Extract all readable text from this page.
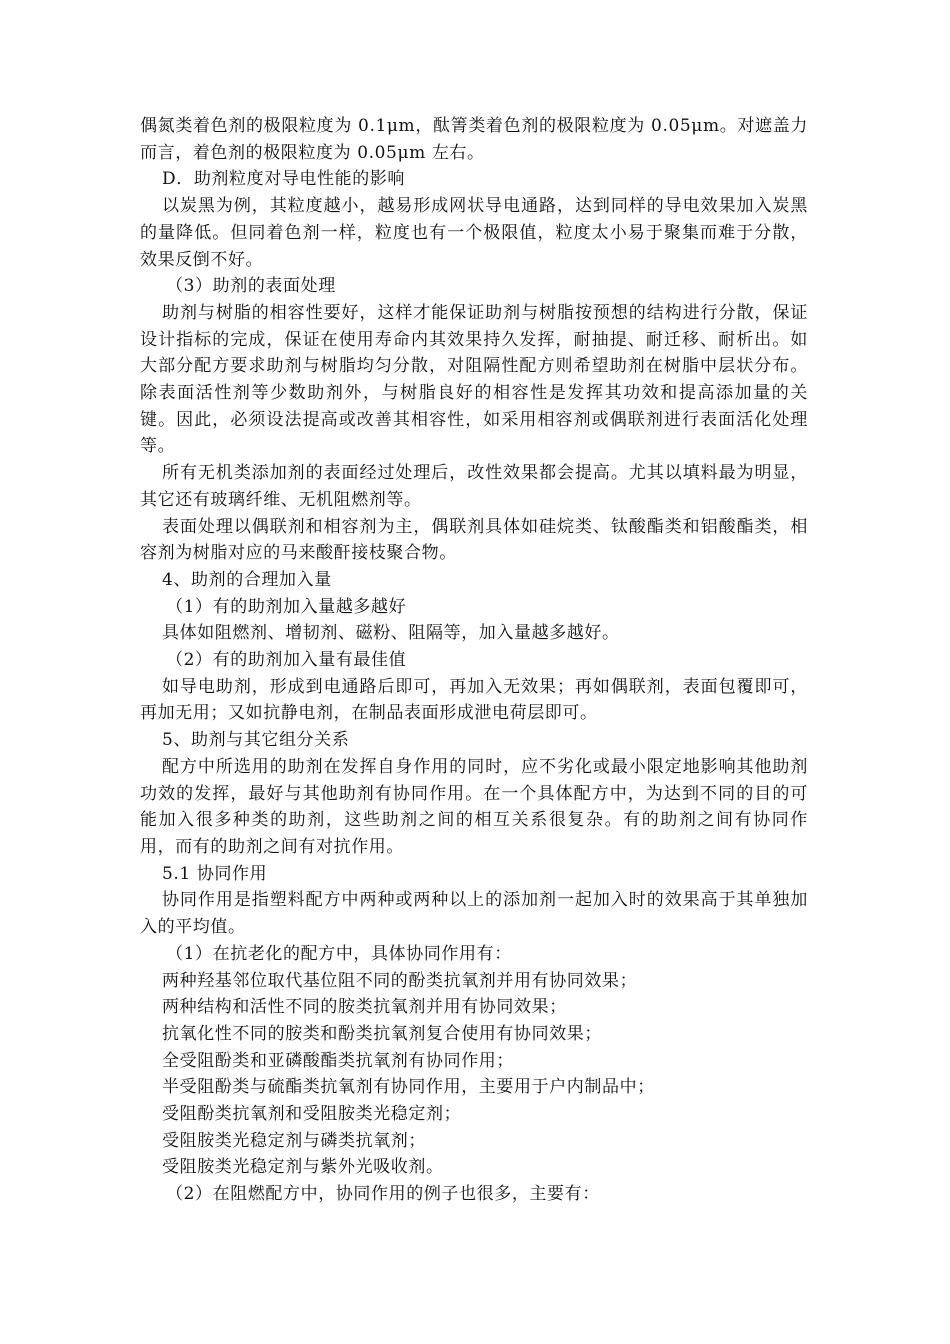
偶氮类着色剂的极限粒度为 0.1μm，酞箐类着色剂的极限粒度为 0.05μm。对遮盖力而言，着色剂的极限粒度为 0.05μm 左右。

D．助剂粒度对导电性能的影响

以炭黑为例，其粒度越小，越易形成网状导电通路，达到同样的导电效果加入炭黑的量降低。但同着色剂一样，粒度也有一个极限值，粒度太小易于聚集而难于分散，效果反倒不好。

（3）助剂的表面处理

助剂与树脂的相容性要好，这样才能保证助剂与树脂按预想的结构进行分散，保证设计指标的完成，保证在使用寿命内其效果持久发挥，耐抽提、耐迁移、耐析出。如大部分配方要求助剂与树脂均匀分散，对阻隔性配方则希望助剂在树脂中层状分布。除表面活性剂等少数助剂外，与树脂良好的相容性是发挥其功效和提高添加量的关键。因此，必须设法提高或改善其相容性，如采用相容剂或偶联剂进行表面活化处理等。

所有无机类添加剂的表面经过处理后，改性效果都会提高。尤其以填料最为明显，其它还有玻璃纤维、无机阻燃剂等。

表面处理以偶联剂和相容剂为主，偶联剂具体如硅烷类、钛酸酯类和铝酸酯类，相容剂为树脂对应的马来酸酐接枝聚合物。

4、助剂的合理加入量

（1）有的助剂加入量越多越好

具体如阻燃剂、增韧剂、磁粉、阻隔等，加入量越多越好。

（2）有的助剂加入量有最佳值

如导电助剂，形成到电通路后即可，再加入无效果；再如偶联剂，表面包覆即可，再加无用；又如抗静电剂，在制品表面形成泄电荷层即可。

5、助剂与其它组分关系

配方中所选用的助剂在发挥自身作用的同时，应不劣化或最小限定地影响其他助剂功效的发挥，最好与其他助剂有协同作用。在一个具体配方中，为达到不同的目的可能加入很多种类的助剂，这些助剂之间的相互关系很复杂。有的助剂之间有协同作用，而有的助剂之间有对抗作用。

5.1 协同作用

协同作用是指塑料配方中两种或两种以上的添加剂一起加入时的效果高于其单独加入的平均值。

（1）在抗老化的配方中，具体协同作用有：

两种羟基邻位取代基位阻不同的酚类抗氧剂并用有协同效果；

两种结构和活性不同的胺类抗氧剂并用有协同效果；

抗氧化性不同的胺类和酚类抗氧剂复合使用有协同效果；

全受阻酚类和亚磷酸酯类抗氧剂有协同作用；

半受阻酚类与硫酯类抗氧剂有协同作用，主要用于户内制品中；

受阻酚类抗氧剂和受阻胺类光稳定剂；

受阻胺类光稳定剂与磷类抗氧剂；

受阻胺类光稳定剂与紫外光吸收剂。

（2）在阻燃配方中，协同作用的例子也很多，主要有：
